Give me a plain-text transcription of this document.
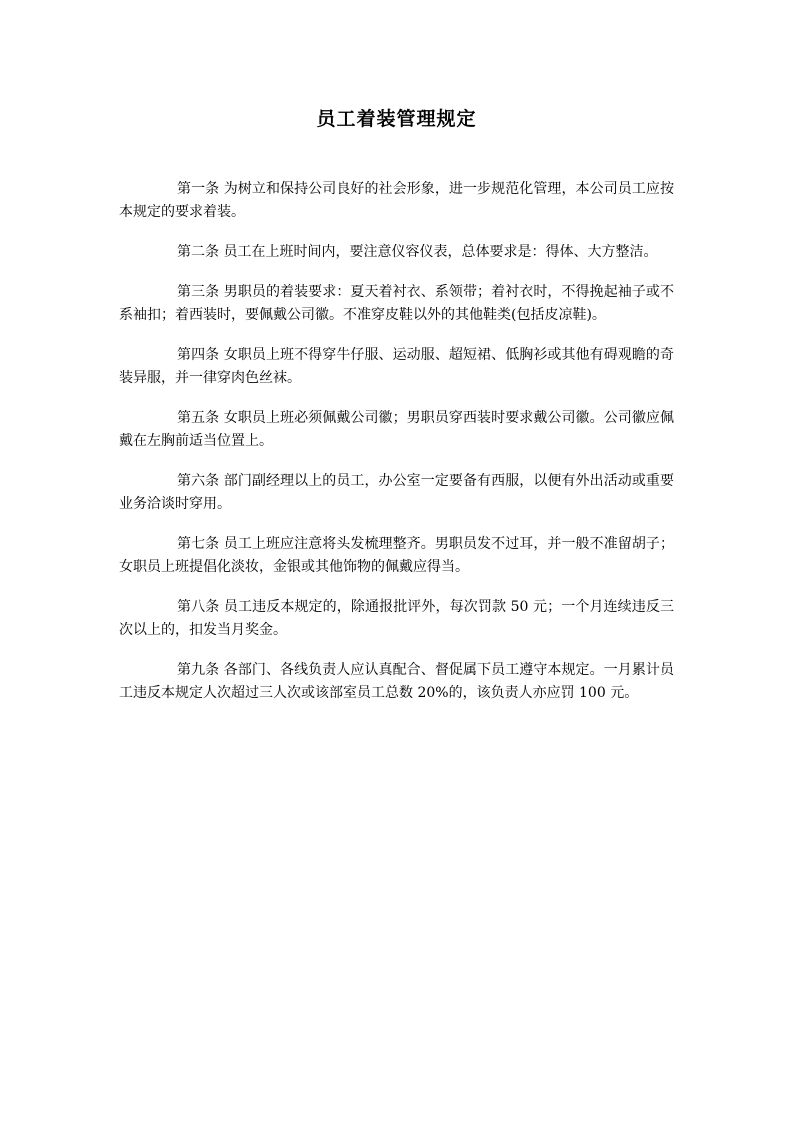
员工着装管理规定

第一条 为树立和保持公司良好的社会形象，进一步规范化管理，本公司员工应按本规定的要求着装。

第二条 员工在上班时间内，要注意仪容仪表，总体要求是：得体、大方整洁。

第三条 男职员的着装要求：夏天着衬衣、系领带；着衬衣时，不得挽起袖子或不系袖扣；着西装时，要佩戴公司徽。不准穿皮鞋以外的其他鞋类(包括皮凉鞋)。

第四条 女职员上班不得穿牛仔服、运动服、超短裙、低胸衫或其他有碍观瞻的奇装异服，并一律穿肉色丝袜。

第五条 女职员上班必须佩戴公司徽；男职员穿西装时要求戴公司徽。公司徽应佩戴在左胸前适当位置上。

第六条 部门副经理以上的员工，办公室一定要备有西服，以便有外出活动或重要业务洽谈时穿用。

第七条 员工上班应注意将头发梳理整齐。男职员发不过耳，并一般不准留胡子；女职员上班提倡化淡妆，金银或其他饰物的佩戴应得当。

第八条 员工违反本规定的，除通报批评外，每次罚款 50 元；一个月连续违反三次以上的，扣发当月奖金。

第九条 各部门、各线负责人应认真配合、督促属下员工遵守本规定。一月累计员工违反本规定人次超过三人次或该部室员工总数 20%的，该负责人亦应罚 100 元。
